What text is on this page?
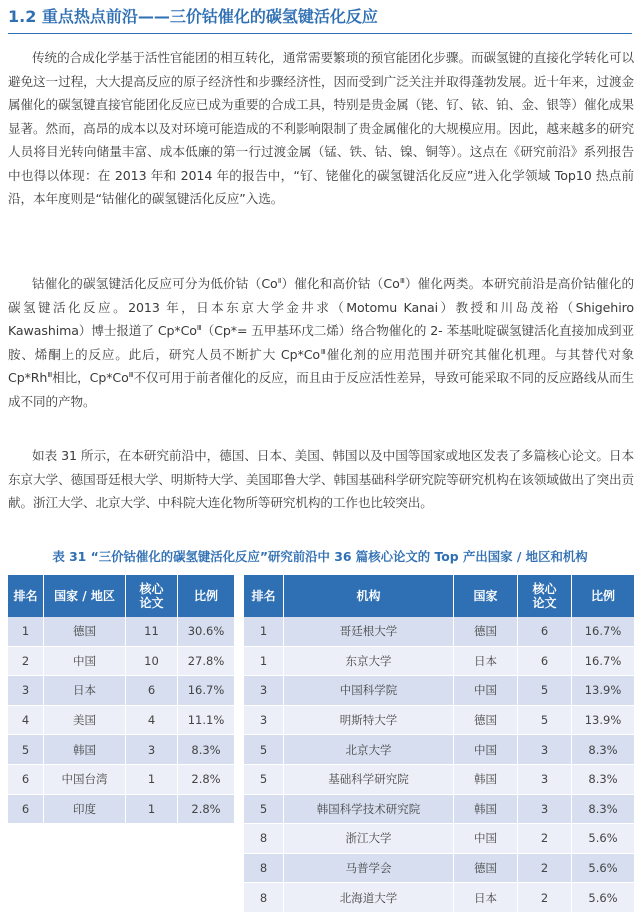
1.2 重点热点前沿——三价钴催化的碳氢键活化反应

传统的合成化学基于活性官能团的相互转化，通常需要繁琐的预官能团化步骤。而碳氢键的直接化学转化可以避免这一过程，大大提高反应的原子经济性和步骤经济性，因而受到广泛关注并取得蓬勃发展。近十年来，过渡金属催化的碳氢键直接官能团化反应已成为重要的合成工具，特别是贵金属（铑、钌、铱、铂、金、银等）催化成果显著。然而，高昂的成本以及对环境可能造成的不利影响限制了贵金属催化的大规模应用。因此，越来越多的研究人员将目光转向储量丰富、成本低廉的第一行过渡金属（锰、铁、钴、镍、铜等）。这点在《研究前沿》系列报告中也得以体现：在 2013 年和 2014 年的报告中，“钌、铑催化的碳氢键活化反应”进入化学领域 Top10 热点前沿，本年度则是“钴催化的碳氢键活化反应”入选。

钴催化的碳氢键活化反应可分为低价钴$(Co^Ⅱ)$催化和高价钴$(Co^Ⅲ)$催化两类。本研究前沿是高价钴催化的碳氢键活化反应。2013 年，日本东京大学金井求（Motomu Kanai）教授和川岛茂裕（Shigehiro Kawashima）博士报道了 $Cp*Co^Ⅲ(Cp*=$ 五甲基环戊二烯）络合物催化的 2- 苯基吡啶碳氢键活化直接加成到亚胺、烯酮上的反应。此后，研究人员不断扩大 $Cp*Co^Ⅲ$催化剂的应用范围并研究其催化机理。与其替代对象 $Cp*Rh^Ⅲ$相比，$Cp*Co^Ⅲ$不仅可用于前者催化的反应，而且由于反应活性差异，导致可能采取不同的反应路线从而生成不同的产物。

如表 31 所示，在本研究前沿中，德国、日本、美国、韩国以及中国等国家或地区发表了多篇核心论文。日本东京大学、德国哥廷根大学、明斯特大学、美国耶鲁大学、韩国基础科学研究院等研究机构在该领域做出了突出贡献。浙江大学、北京大学、中科院大连化物所等研究机构的工作也比较突出。

表 31 “三价钴催化的碳氢键活化反应”研究前沿中 36 篇核心论文的 Top 产出国家 / 地区和机构
排名	国家 / 地区	核心论文	比例
1	德国	11	30.6%
2	中国	10	27.8%
3	日本	6	16.7%
4	美国	4	11.1%
5	韩国	3	8.3%
6	中国台湾	1	2.8%
6	印度	1	2.8%
排名	机构	国家	核心论文	比例
1	哥廷根大学	德国	6	16.7%
1	东京大学	日本	6	16.7%
3	中国科学院	中国	5	13.9%
3	明斯特大学	德国	5	13.9%
5	北京大学	中国	3	8.3%
5	基础科学研究院	韩国	3	8.3%
5	韩国科学技术研究院	韩国	3	8.3%
8	浙江大学	中国	2	5.6%
8	马普学会	德国	2	5.6%
8	北海道大学	日本	2	5.6%
